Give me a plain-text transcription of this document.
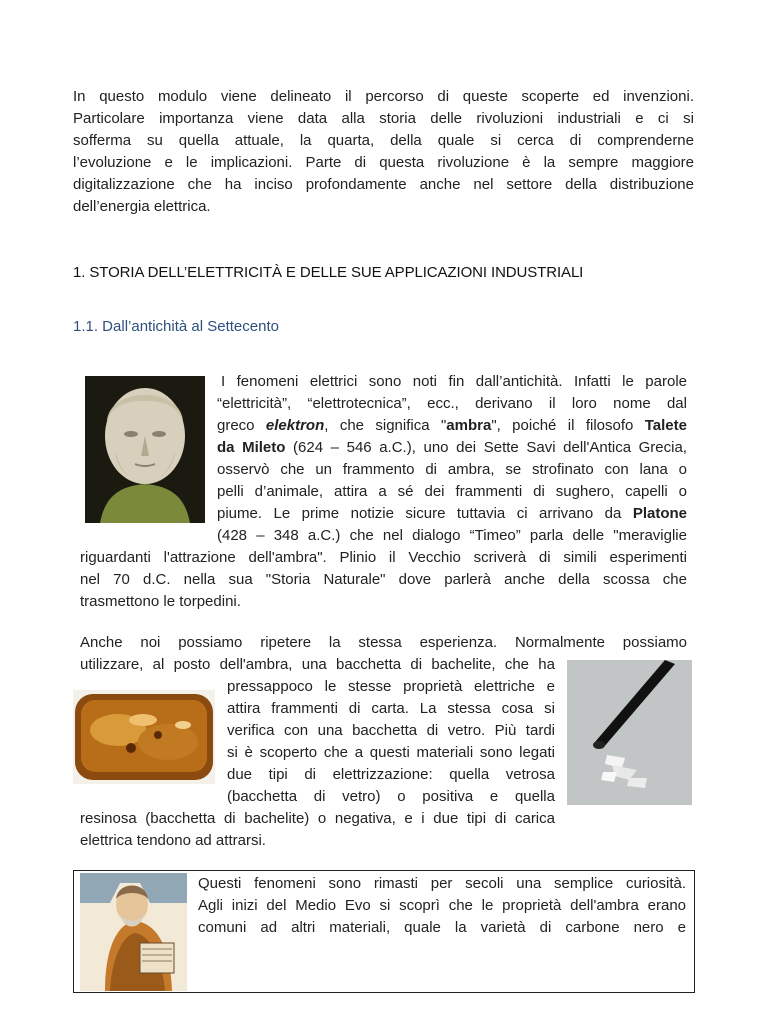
In questo modulo viene delineato il percorso di queste scoperte ed invenzioni.
Particolare importanza viene data alla storia delle rivoluzioni industriali e ci si
sofferma su quella attuale, la quarta, della quale si cerca di comprenderne
l’evoluzione e le implicazioni. Parte di questa rivoluzione è la sempre maggiore
digitalizzazione che ha inciso profondamente anche nel settore della distribuzione
dell’energia elettrica.
1. STORIA DELL’ELETTRICITÀ E DELLE SUE APPLICAZIONI INDUSTRIALI
1.1. Dall’antichità al Settecento
I fenomeni elettrici sono noti fin dall’antichità. Infatti le parole
“elettricità”, “elettrotecnica”, ecc., derivano il loro nome dal
greco elektron, che significa "ambra", poiché il filosofo Talete
da Mileto (624 – 546 a.C.), uno dei Sette Savi dell'Antica Grecia,
osservò che un frammento di ambra, se strofinato con lana o
pelli d’animale, attira a sé dei frammenti di sughero, capelli o
piume. Le prime notizie sicure tuttavia ci arrivano da Platone
(428 – 348 a.C.) che nel dialogo “Timeo” parla delle "meraviglie
riguardanti l'attrazione dell'ambra". Plinio il Vecchio scriverà di simili esperimenti
nel 70 d.C. nella sua "Storia Naturale" dove parlerà anche della scossa che
trasmettono le torpedini.
Anche noi possiamo ripetere la stessa esperienza. Normalmente possiamo
utilizzare, al posto dell'ambra, una bacchetta di bachelite, che ha
pressappoco le stesse proprietà elettriche e
attira frammenti di carta. La stessa cosa si
verifica con una bacchetta di vetro. Più tardi
si è scoperto che a questi materiali sono legati
due tipi di elettrizzazione: quella vetrosa
(bacchetta di vetro) o positiva e quella
resinosa (bacchetta di bachelite) o negativa, e i due tipi di carica
elettrica tendono ad attrarsi.
Questi fenomeni sono rimasti per secoli una semplice curiosità.
Agli inizi del Medio Evo si scoprì che le proprietà dell'ambra erano
comuni ad altri materiali, quale la varietà di carbone nero e
